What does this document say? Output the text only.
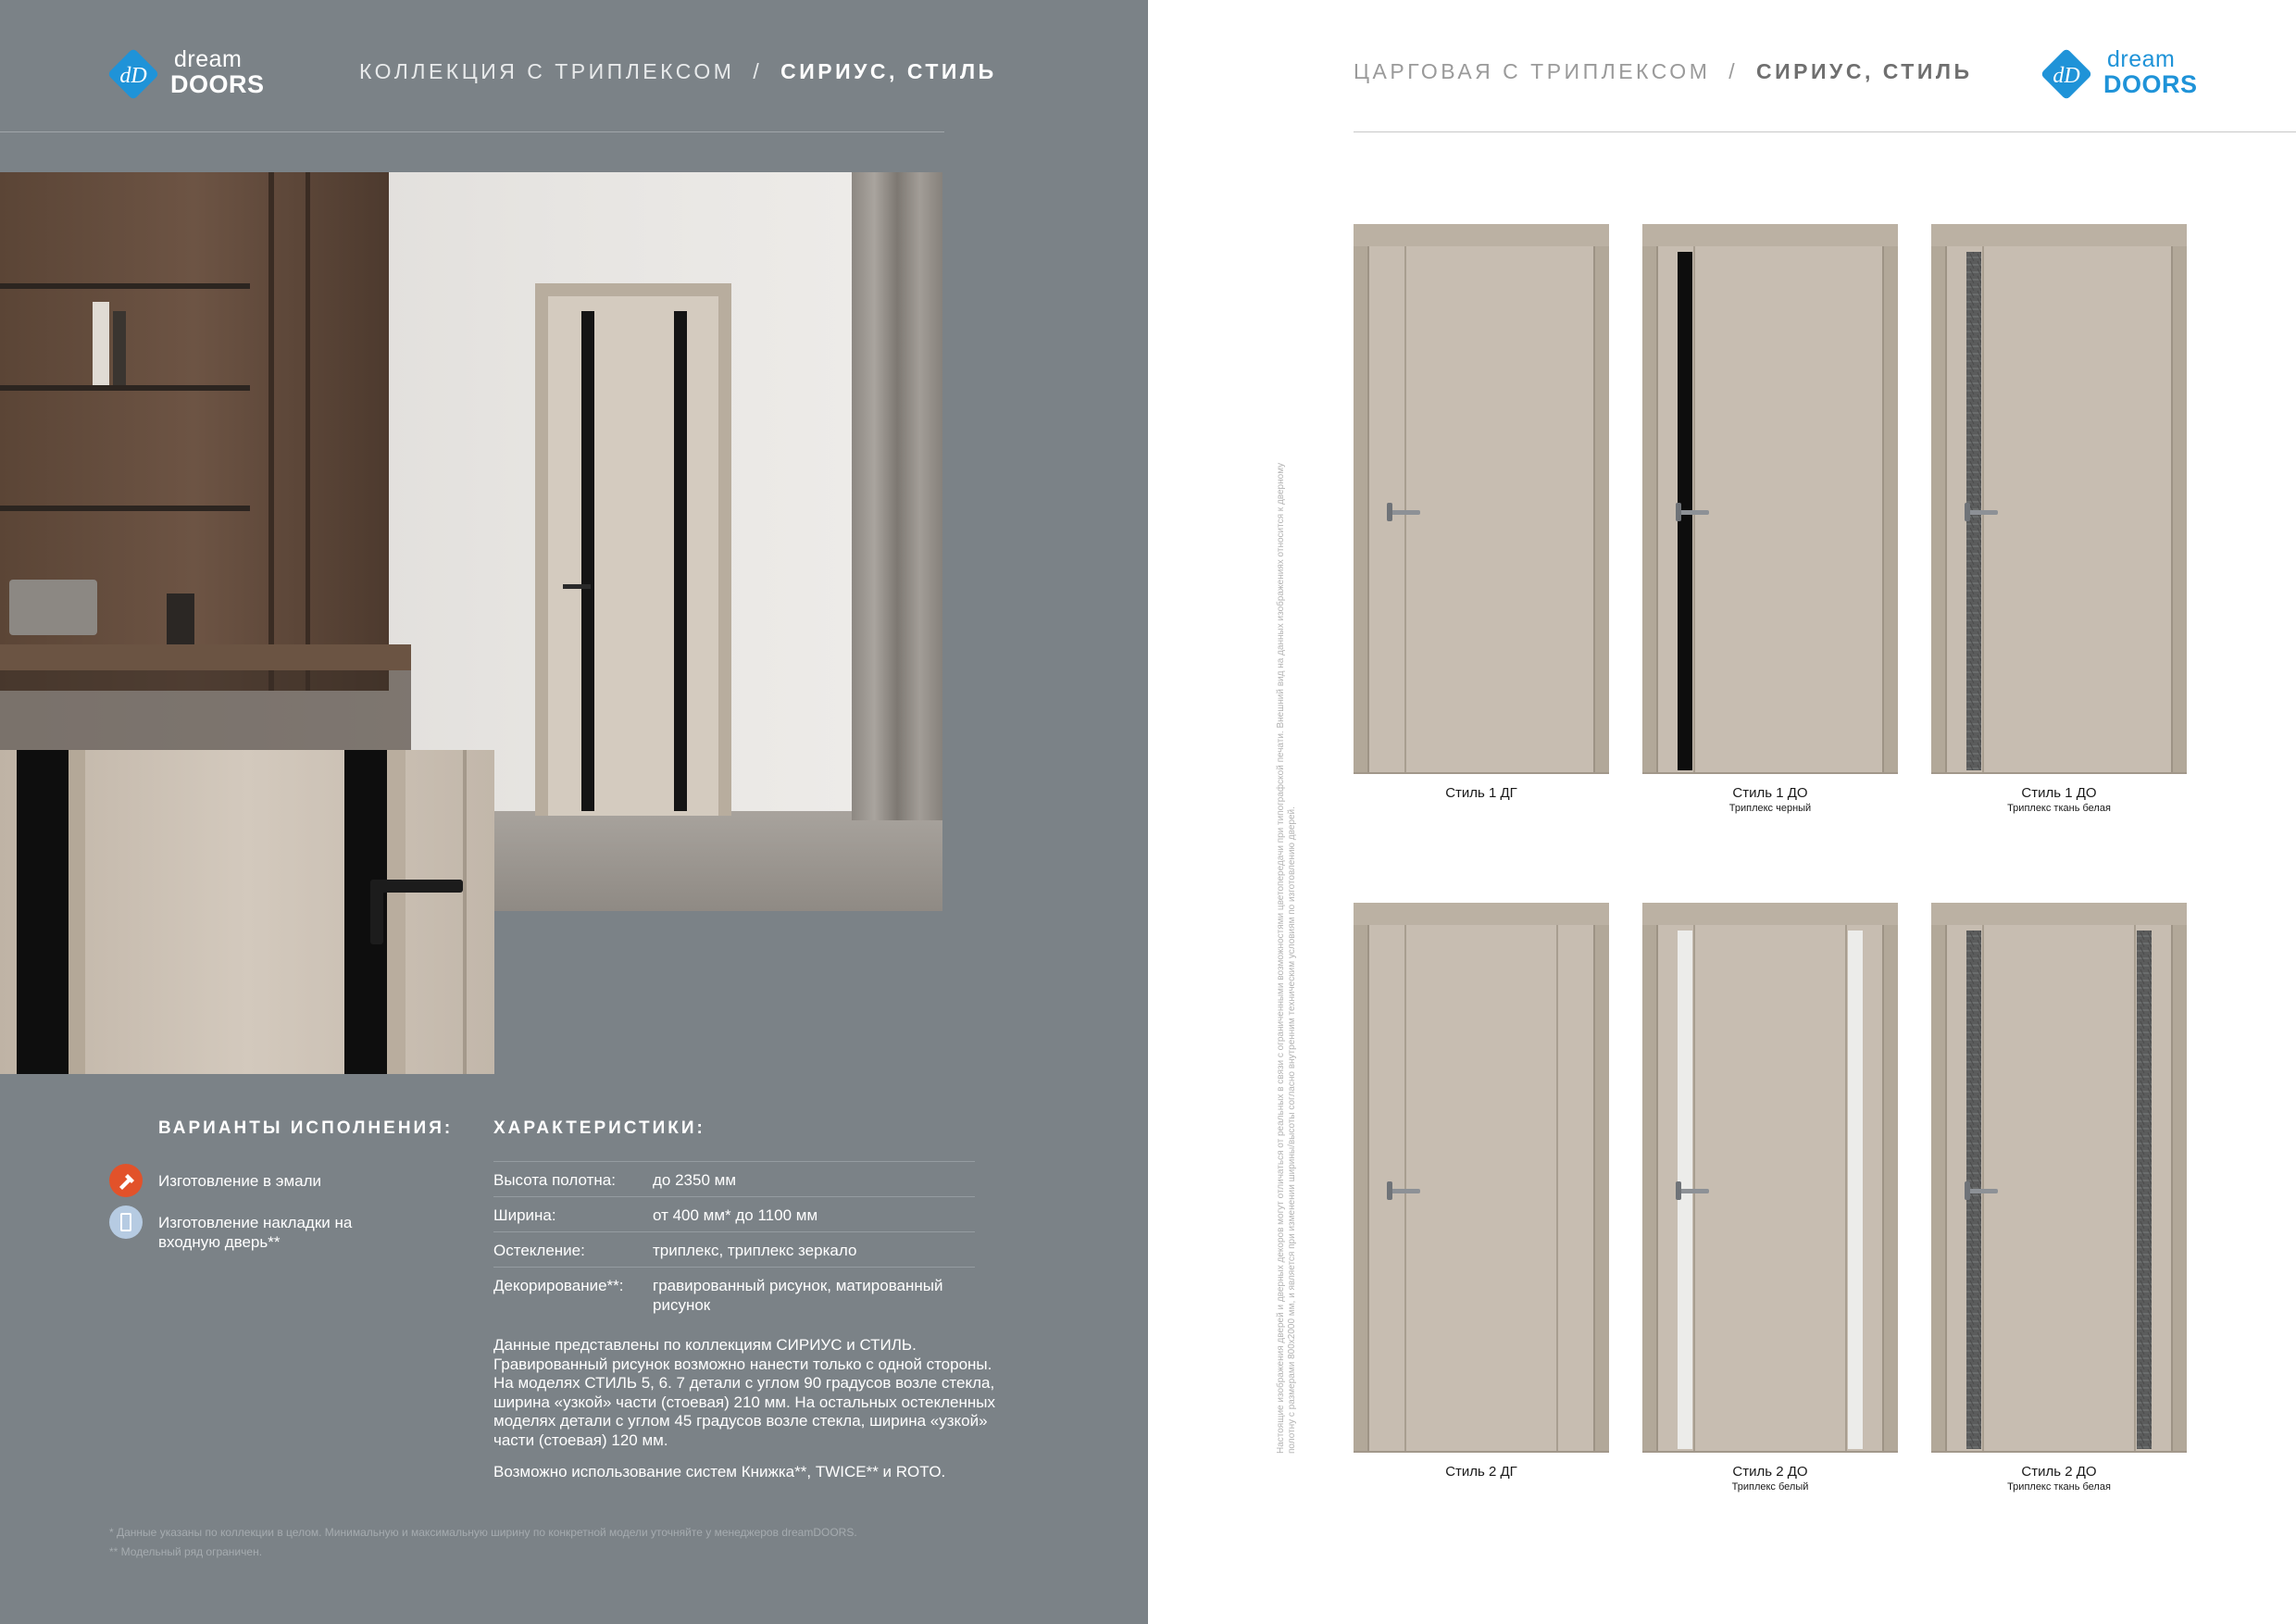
dD
dream
DOORS	КОЛЛЕКЦИЯ С ТРИПЛЕКСОМ / СИРИУС, СТИЛЬ
ВАРИАНТЫ ИСПОЛНЕНИЯ:
Изготовление в эмали
Изготовление накладки на входную дверь**
ХАРАКТЕРИСТИКИ:
Высота полотна:	до 2350 мм
Ширина:	от 400 мм* до 1100 мм
Остекление:	триплекс, триплекс зеркало
Декорирование**:	гравированный рисунок, матированный рисунок
Данные представлены по коллекциям СИРИУС и СТИЛЬ. Гравированный рисунок возможно нанести только с одной стороны. На моделях СТИЛЬ 5, 6. 7 детали с углом 90 градусов возле стекла, ширина «узкой» части (стоевая) 210 мм. На остальных остекленных моделях детали с углом 45 градусов возле стекла, ширина «узкой» части (стоевая) 120 мм.
Возможно использование систем Книжка**, TWICE** и ROTO.
* Данные указаны по коллекции в целом. Минимальную и максимальную ширину по конкретной модели уточняйте у менеджеров dreamDOORS.
** Модельный ряд ограничен.
ЦАРГОВАЯ С ТРИПЛЕКСОМ / СИРИУС, СТИЛЬ	dD
dream
DOORS
Настоящие изображения дверей и дверных декоров могут отличаться от реальных в связи с ограниченными возможностями цветопередачи при типографской печати. Внешний вид на данных изображениях относится к дверному полотну с размерами 800х2000 мм, и является при изменении ширины/высоты согласно внутренним техническим условиям по изготовлению дверей.
Стиль 1 ДГ	Стиль 1 ДО
Триплекс черный
Стиль 1 ДО
Триплекс ткань белая
Стиль 2 ДГ	Стиль 2 ДО
Триплекс белый
Стиль 2 ДО
Триплекс ткань белая
